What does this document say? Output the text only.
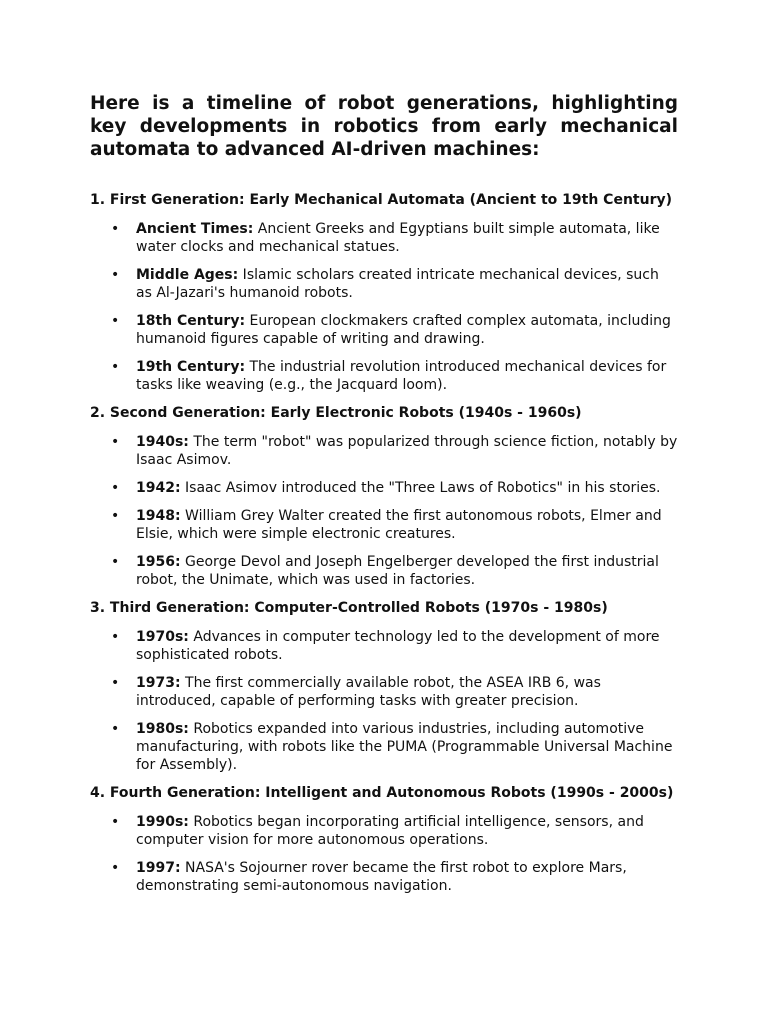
Here is a timeline of robot generations, highlighting key developments in robotics from early mechanical automata to advanced AI-driven machines:
1. First Generation: Early Mechanical Automata (Ancient to 19th Century)
• Ancient Times: Ancient Greeks and Egyptians built simple automata, like water clocks and mechanical statues.
• Middle Ages: Islamic scholars created intricate mechanical devices, such as Al-Jazari's humanoid robots.
• 18th Century: European clockmakers crafted complex automata, including humanoid figures capable of writing and drawing.
• 19th Century: The industrial revolution introduced mechanical devices for tasks like weaving (e.g., the Jacquard loom).
2. Second Generation: Early Electronic Robots (1940s - 1960s)
• 1940s: The term "robot" was popularized through science fiction, notably by Isaac Asimov.
• 1942: Isaac Asimov introduced the "Three Laws of Robotics" in his stories.
• 1948: William Grey Walter created the first autonomous robots, Elmer and Elsie, which were simple electronic creatures.
• 1956: George Devol and Joseph Engelberger developed the first industrial robot, the Unimate, which was used in factories.
3. Third Generation: Computer-Controlled Robots (1970s - 1980s)
• 1970s: Advances in computer technology led to the development of more sophisticated robots.
• 1973: The first commercially available robot, the ASEA IRB 6, was introduced, capable of performing tasks with greater precision.
• 1980s: Robotics expanded into various industries, including automotive manufacturing, with robots like the PUMA (Programmable Universal Machine for Assembly).
4. Fourth Generation: Intelligent and Autonomous Robots (1990s - 2000s)
• 1990s: Robotics began incorporating artificial intelligence, sensors, and computer vision for more autonomous operations.
• 1997: NASA's Sojourner rover became the first robot to explore Mars, demonstrating semi-autonomous navigation.
